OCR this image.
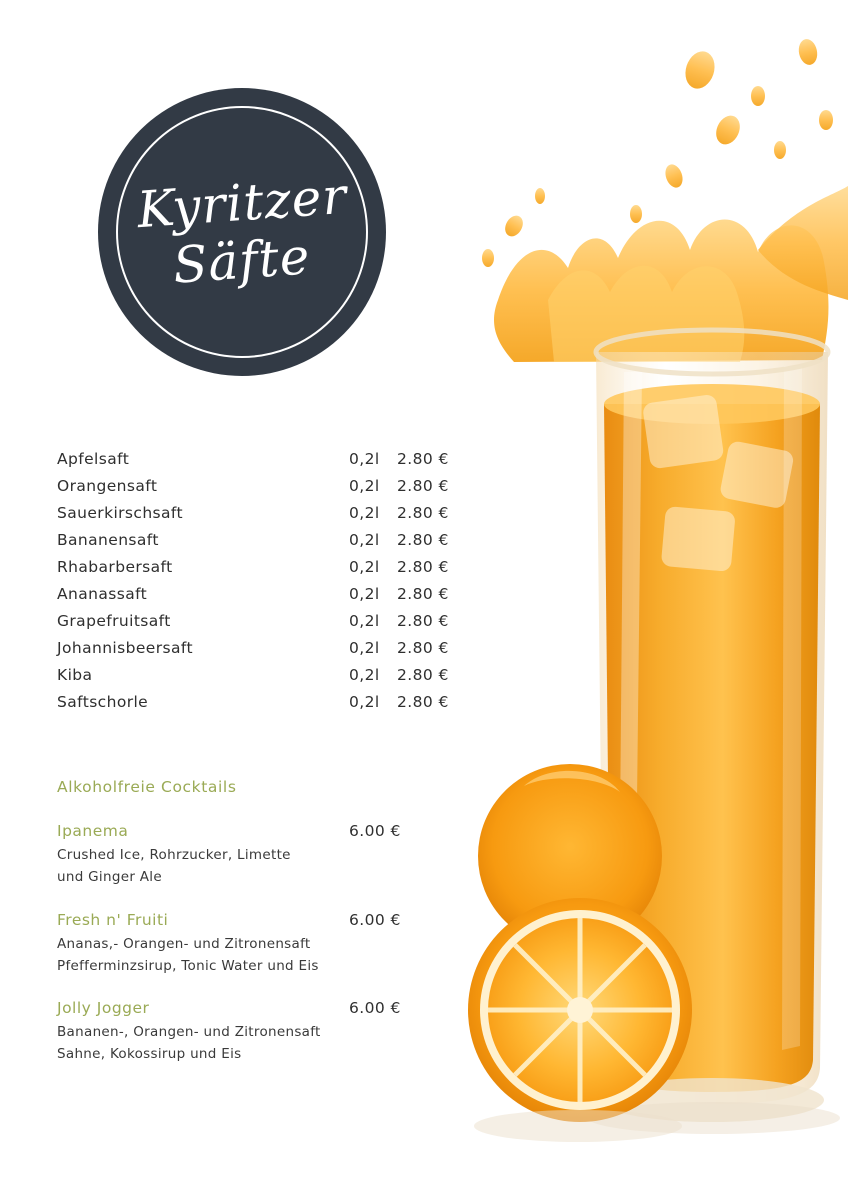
Kyritzer
Säfte
Apfelsaft	0,2l	2.80 €
Orangensaft	0,2l	2.80 €
Sauerkirschsaft	0,2l	2.80 €
Bananensaft	0,2l	2.80 €
Rhabarbersaft	0,2l	2.80 €
Ananassaft	0,2l	2.80 €
Grapefruitsaft	0,2l	2.80 €
Johannisbeersaft	0,2l	2.80 €
Kiba	0,2l	2.80 €
Saftschorle	0,2l	2.80 €
Alkoholfreie Cocktails
Ipanema	6.00 €
Crushed Ice, Rohrzucker, Limette
und Ginger Ale
Fresh n' Fruiti	6.00 €
Ananas,- Orangen- und Zitronensaft
Pfefferminzsirup, Tonic Water und Eis
Jolly Jogger	6.00 €
Bananen-, Orangen- und Zitronensaft
Sahne, Kokossirup und Eis
